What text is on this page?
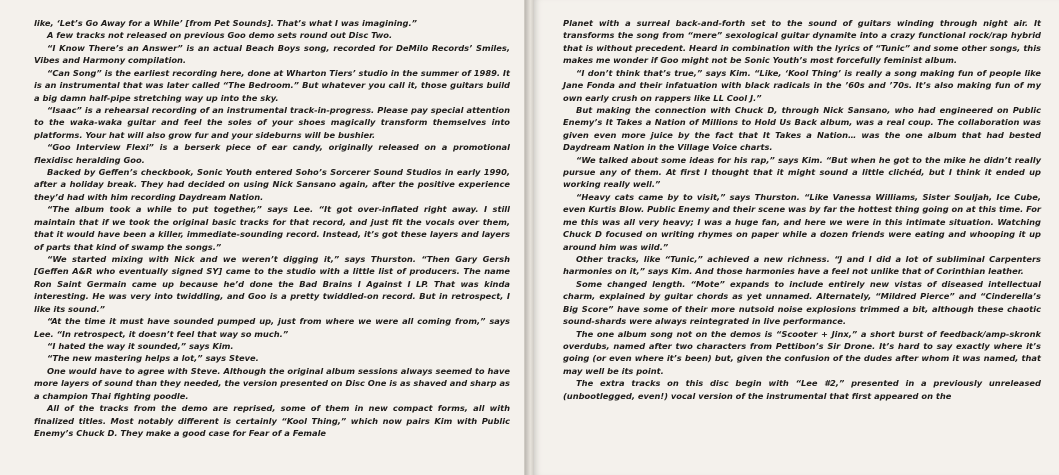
like, ‘Let’s Go Away for a While’ [from Pet Sounds]. That’s what I was imagining.”

A few tracks not released on previous Goo demo sets round out Disc Two.

“I Know There’s an Answer” is an actual Beach Boys song, recorded for DeMilo Records’ Smiles, Vibes and Harmony compilation.

“Can Song” is the earliest recording here, done at Wharton Tiers’ studio in the summer of 1989. It is an instrumental that was later called “The Bedroom.” But whatever you call it, those guitars build a big damn half-pipe stretching way up into the sky.

“Isaac” is a rehearsal recording of an instrumental track-in-progress. Please pay special attention to the waka-waka guitar and feel the soles of your shoes magically transform themselves into platforms. Your hat will also grow fur and your sideburns will be bushier.

“Goo Interview Flexi” is a berserk piece of ear candy, originally released on a promotional flexidisc heralding Goo.

Backed by Geffen’s checkbook, Sonic Youth entered Soho’s Sorcerer Sound Studios in early 1990, after a holiday break. They had decided on using Nick Sansano again, after the positive experience they’d had with him recording Daydream Nation.

“The album took a while to put together,” says Lee. “It got over-inflated right away. I still maintain that if we took the original basic tracks for that record, and just fit the vocals over them, that it would have been a killer, immediate-sounding record. Instead, it’s got these layers and layers of parts that kind of swamp the songs.”

“We started mixing with Nick and we weren’t digging it,” says Thurston. “Then Gary Gersh [Geffen A&R who eventually signed SY] came to the studio with a little list of producers. The name Ron Saint Germain came up because he’d done the Bad Brains I Against I LP. That was kinda interesting. He was very into twiddling, and Goo is a pretty twiddled-on record. But in retrospect, I like its sound.”

“At the time it must have sounded pumped up, just from where we were all coming from,” says Lee. “In retrospect, it doesn’t feel that way so much.”

“I hated the way it sounded,” says Kim.

“The new mastering helps a lot,” says Steve.

One would have to agree with Steve. Although the original album sessions always seemed to have more layers of sound than they needed, the version presented on Disc One is as shaved and sharp as a champion Thai fighting poodle.

All of the tracks from the demo are reprised, some of them in new compact forms, all with finalized titles. Most notably different is certainly “Kool Thing,” which now pairs Kim with Public Enemy’s Chuck D. They make a good case for Fear of a Female

Planet with a surreal back-and-forth set to the sound of guitars winding through night air. It transforms the song from “mere” sexological guitar dynamite into a crazy functional rock/rap hybrid that is without precedent. Heard in combination with the lyrics of “Tunic” and some other songs, this makes me wonder if Goo might not be Sonic Youth’s most forcefully feminist album.

“I don’t think that’s true,” says Kim. “Like, ‘Kool Thing’ is really a song making fun of people like Jane Fonda and their infatuation with black radicals in the ’60s and ’70s. It’s also making fun of my own early crush on rappers like LL Cool J.”

But making the connection with Chuck D, through Nick Sansano, who had engineered on Public Enemy’s It Takes a Nation of Millions to Hold Us Back album, was a real coup. The collaboration was given even more juice by the fact that It Takes a Nation… was the one album that had bested Daydream Nation in the Village Voice charts.

“We talked about some ideas for his rap,” says Kim. “But when he got to the mike he didn’t really pursue any of them. At first I thought that it might sound a little clichéd, but I think it ended up working really well.”

“Heavy cats came by to visit,” says Thurston. “Like Vanessa Williams, Sister Souljah, Ice Cube, even Kurtis Blow. Public Enemy and their scene was by far the hottest thing going on at this time. For me this was all very heavy; I was a huge fan, and here we were in this intimate situation. Watching Chuck D focused on writing rhymes on paper while a dozen friends were eating and whooping it up around him was wild.”

Other tracks, like “Tunic,” achieved a new richness. “J and I did a lot of subliminal Carpenters harmonies on it,” says Kim. And those harmonies have a feel not unlike that of Corinthian leather.

Some changed length. “Mote” expands to include entirely new vistas of diseased intellectual charm, explained by guitar chords as yet unnamed. Alternately, “Mildred Pierce” and “Cinderella’s Big Score” have some of their more nutsoid noise explosions trimmed a bit, although these chaotic sound-shards were always reintegrated in live performance.

The one album song not on the demos is “Scooter + Jinx,” a short burst of feedback/amp-skronk overdubs, named after two characters from Pettibon’s Sir Drone. It’s hard to say exactly where it’s going (or even where it’s been) but, given the confusion of the dudes after whom it was named, that may well be its point.

The extra tracks on this disc begin with “Lee #2,” presented in a previously unreleased (unbootlegged, even!) vocal version of the instrumental that first appeared on the
